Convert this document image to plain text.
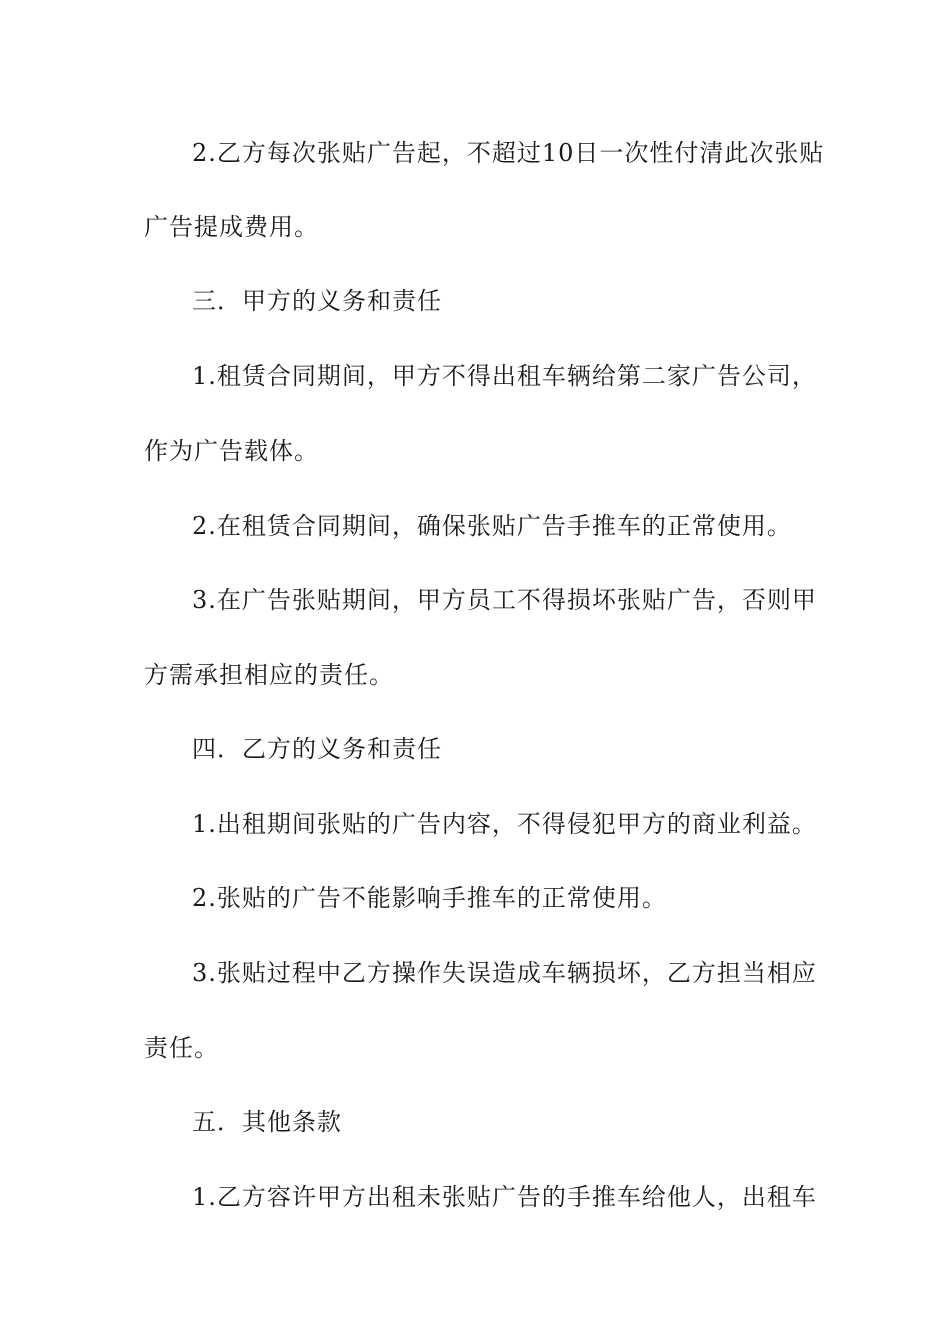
2.乙方每次张贴广告起，不超过10日一次性付清此次张贴
广告提成费用。
三．甲方的义务和责任
1.租赁合同期间，甲方不得出租车辆给第二家广告公司，
作为广告载体。
2.在租赁合同期间，确保张贴广告手推车的正常使用。
3.在广告张贴期间，甲方员工不得损坏张贴广告，否则甲
方需承担相应的责任。
四．乙方的义务和责任
1.出租期间张贴的广告内容，不得侵犯甲方的商业利益。
2.张贴的广告不能影响手推车的正常使用。
3.张贴过程中乙方操作失误造成车辆损坏，乙方担当相应
责任。
五．其他条款
1.乙方容许甲方出租未张贴广告的手推车给他人，出租车
